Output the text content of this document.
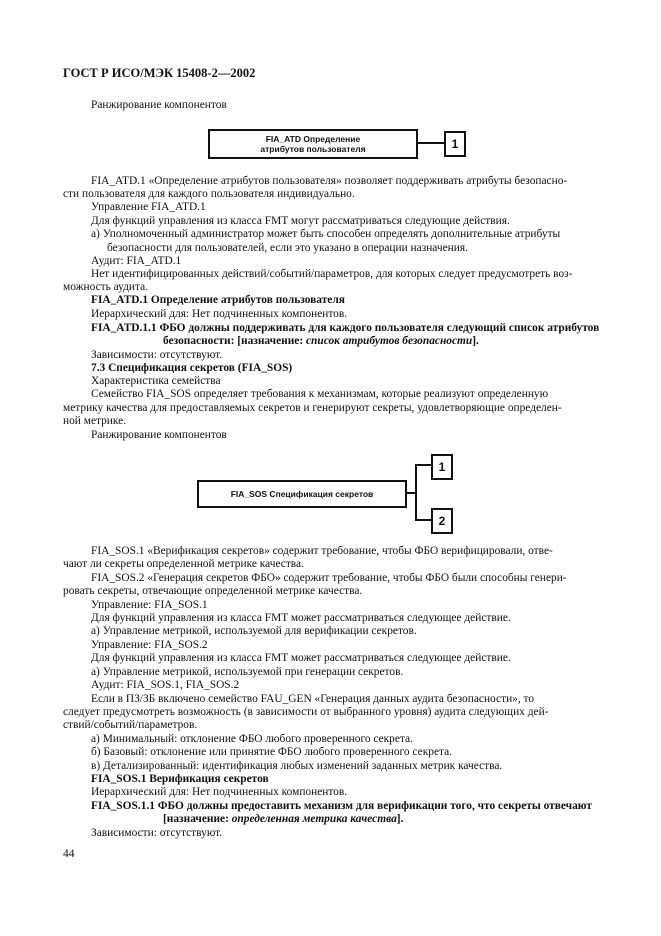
ГОСТ Р ИСО/МЭК 15408-2—2002
Ранжирование компонентов
FIA_ATD Определение атрибутов пользователя	1
FIA_ATD.1 «Определение атрибутов пользователя» позволяет поддерживать атрибуты безопасно-
сти пользователя для каждого пользователя индивидуально.
Управление FIA_ATD.1
Для функций управления из класса FMT могут рассматриваться следующие действия.
а) Уполномоченный администратор может быть способен определять дополнительные атрибуты
безопасности для пользователей, если это указано в операции назначения.
Аудит: FIA_ATD.1
Нет идентифицированных действий/событий/параметров, для которых следует предусмотреть воз-
можность аудита.
FIA_ATD.1 Определение атрибутов пользователя
Иерархический для: Нет подчиненных компонентов.
FIA_ATD.1.1 ФБО должны поддерживать для каждого пользователя следующий список атрибутов
безопасности: [назначение: список атрибутов безопасности].
Зависимости: отсутствуют.
7.3 Спецификация секретов (FIA_SOS)
Характеристика семейства
Семейство FIA_SOS определяет требования к механизмам, которые реализуют определенную
метрику качества для предоставляемых секретов и генерируют секреты, удовлетворяющие определен-
ной метрике.
Ранжирование компонентов
FIA_SOS Спецификация секретов
1
2
FIA_SOS.1 «Верификация секретов» содержит требование, чтобы ФБО верифицировали, отве-
чают ли секреты определенной метрике качества.
FIA_SOS.2 «Генерация секретов ФБО» содержит требование, чтобы ФБО были способны генери-
ровать секреты, отвечающие определенной метрике качества.
Управление: FIA_SOS.1
Для функций управления из класса FMT может рассматриваться следующее действие.
а) Управление метрикой, используемой для верификации секретов.
Управление: FIA_SOS.2
Для функций управления из класса FMT может рассматриваться следующее действие.
а) Управление метрикой, используемой при генерации секретов.
Аудит: FIA_SOS.1, FIA_SOS.2
Если в ПЗ/ЗБ включено семейство FAU_GEN «Генерация данных аудита безопасности», то
следует предусмотреть возможность (в зависимости от выбранного уровня) аудита следующих дей-
ствий/событий/параметров.
а) Минимальный: отклонение ФБО любого проверенного секрета.
б) Базовый: отклонение или принятие ФБО любого проверенного секрета.
в) Детализированный: идентификация любых изменений заданных метрик качества.
FIA_SOS.1 Верификация секретов
Иерархический для: Нет подчиненных компонентов.
FIA_SOS.1.1 ФБО должны предоставить механизм для верификации того, что секреты отвечают
[назначение: определенная метрика качества].
Зависимости: отсутствуют.
44
